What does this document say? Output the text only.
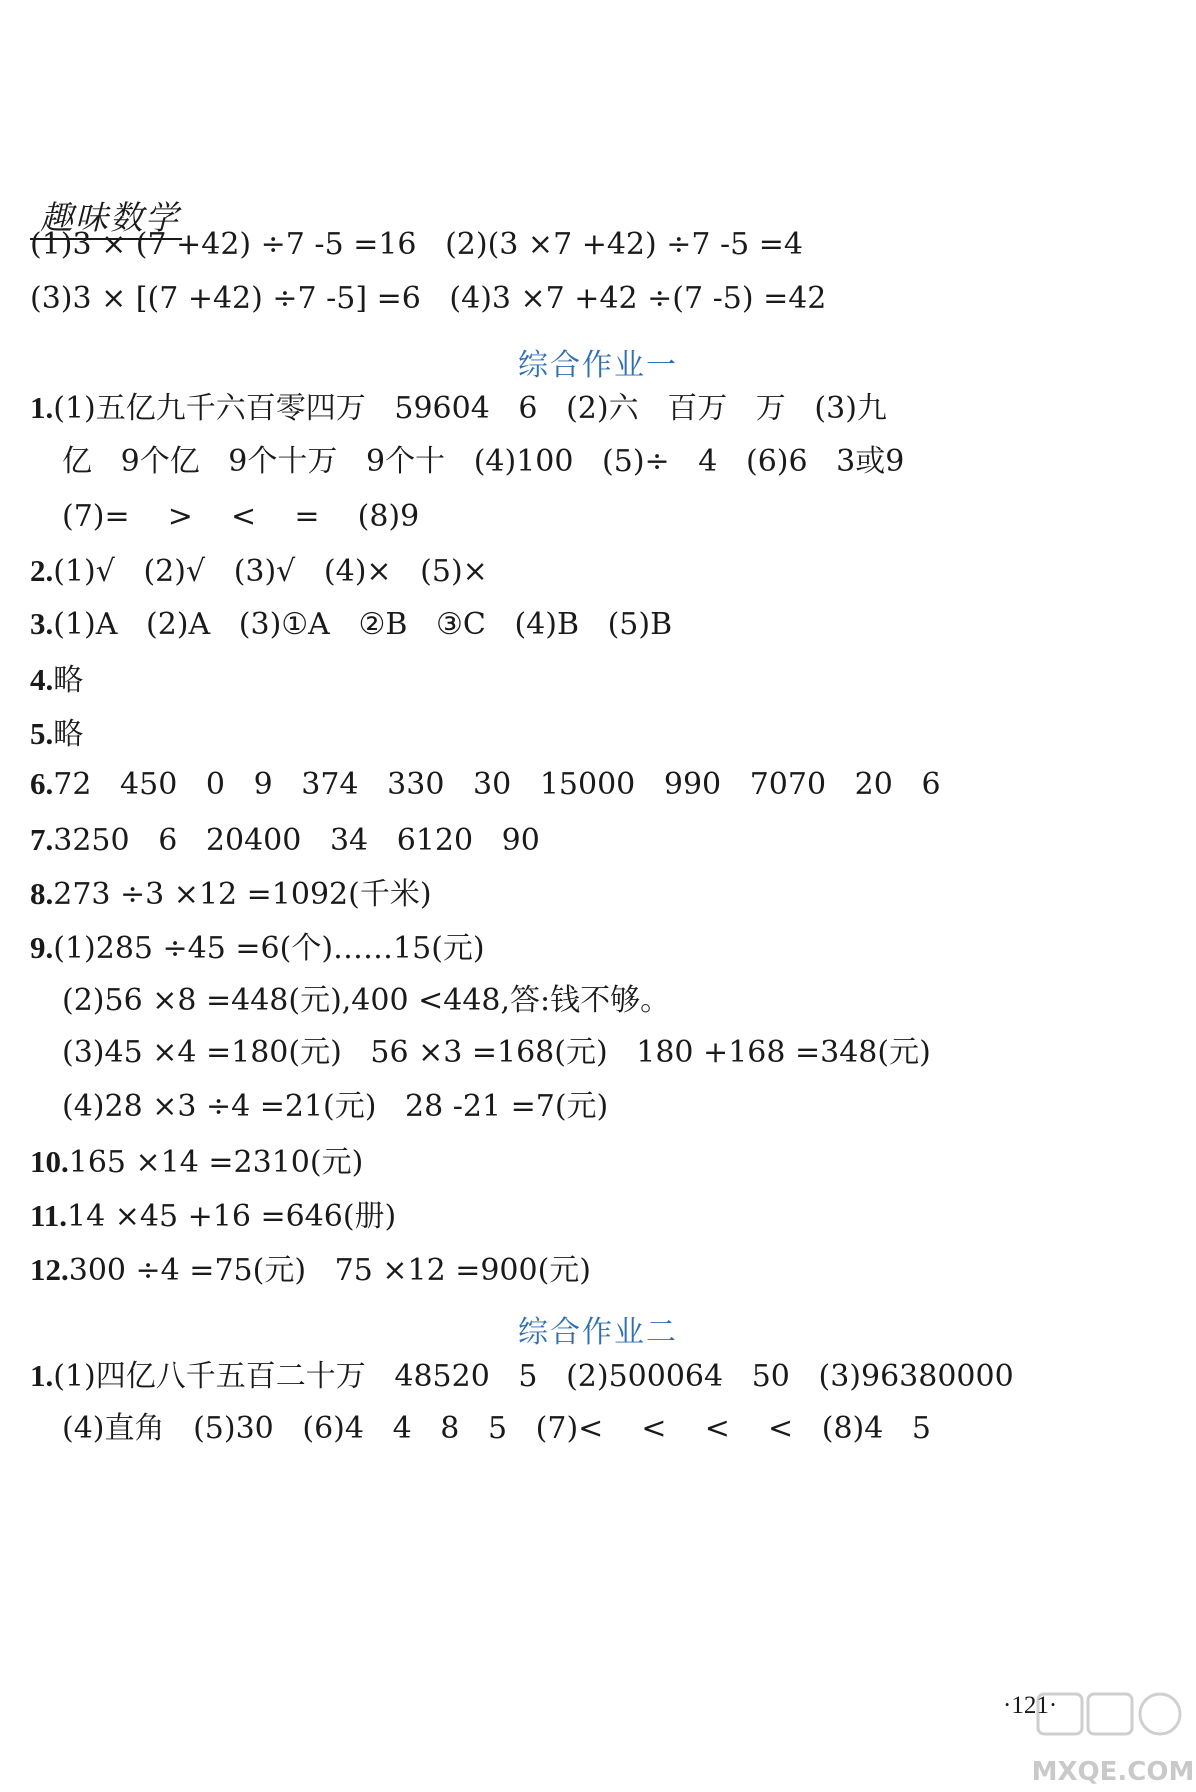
趣味数学
(1)3 × (7 +42) ÷7 -5 =16   (2)(3 ×7 +42) ÷7 -5 =4
(3)3 × [(7 +42) ÷7 -5] =6   (4)3 ×7 +42 ÷(7 -5) =42
综合作业一
1.(1)五亿九千六百零四万   59604   6   (2)六   百万   万   (3)九
亿   9个亿   9个十万   9个十   (4)100   (5)÷   4   (6)6   3或9
(7)=    >    <    =    (8)9
2.(1)√   (2)√   (3)√   (4)×   (5)×
3.(1)A   (2)A   (3)①A   ②B   ③C   (4)B   (5)B
4.略
5.略
6.72   450   0   9   374   330   30   15000   990   7070   20   6
7.3250   6   20400   34   6120   90
8.273 ÷3 ×12 =1092(千米)
9.(1)285 ÷45 =6(个)……15(元)
(2)56 ×8 =448(元),400 <448,答:钱不够。
(3)45 ×4 =180(元)   56 ×3 =168(元)   180 +168 =348(元)
(4)28 ×3 ÷4 =21(元)   28 -21 =7(元)
10.165 ×14 =2310(元)
11.14 ×45 +16 =646(册)
12.300 ÷4 =75(元)   75 ×12 =900(元)
综合作业二
1.(1)四亿八千五百二十万   48520   5   (2)500064   50   (3)96380000
(4)直角   (5)30   (6)4   4   8   5   (7)<    <    <    <   (8)4   5
·121·
MXQE.COM
